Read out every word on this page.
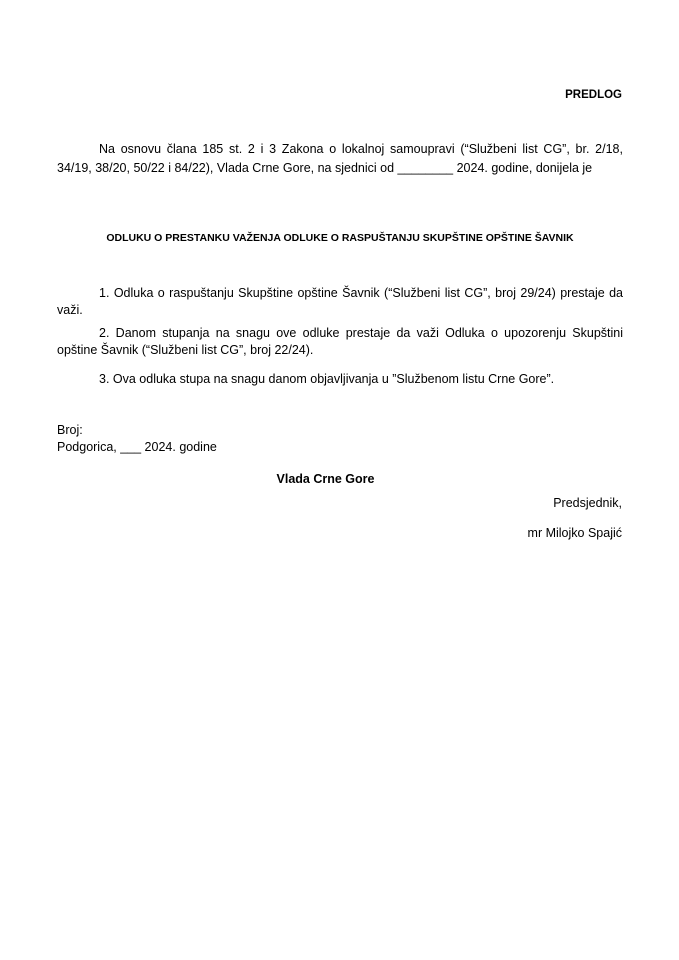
PREDLOG

Na osnovu člana 185 st. 2 i 3 Zakona o lokalnoj samoupravi (“Službeni list CG”, br. 2/18, 34/19, 38/20, 50/22 i 84/22), Vlada Crne Gore, na sjednici od ________ 2024. godine, donijela je

ODLUKU O PRESTANKU VAŽENJA ODLUKE O RASPUŠTANJU SKUPŠTINE OPŠTINE ŠAVNIK

1. Odluka o raspuštanju Skupštine opštine Šavnik (“Službeni list CG”, broj 29/24) prestaje da važi.

2. Danom stupanja na snagu ove odluke prestaje da važi Odluka o upozorenju Skupštini opštine Šavnik (“Službeni list CG”, broj 22/24).

3. Ova odluka stupa na snagu danom objavljivanja u ”Službenom listu Crne Gore”.

Broj:
Podgorica, ___ 2024. godine
Vlada Crne Gore
Predsjednik,
mr Milojko Spajić
